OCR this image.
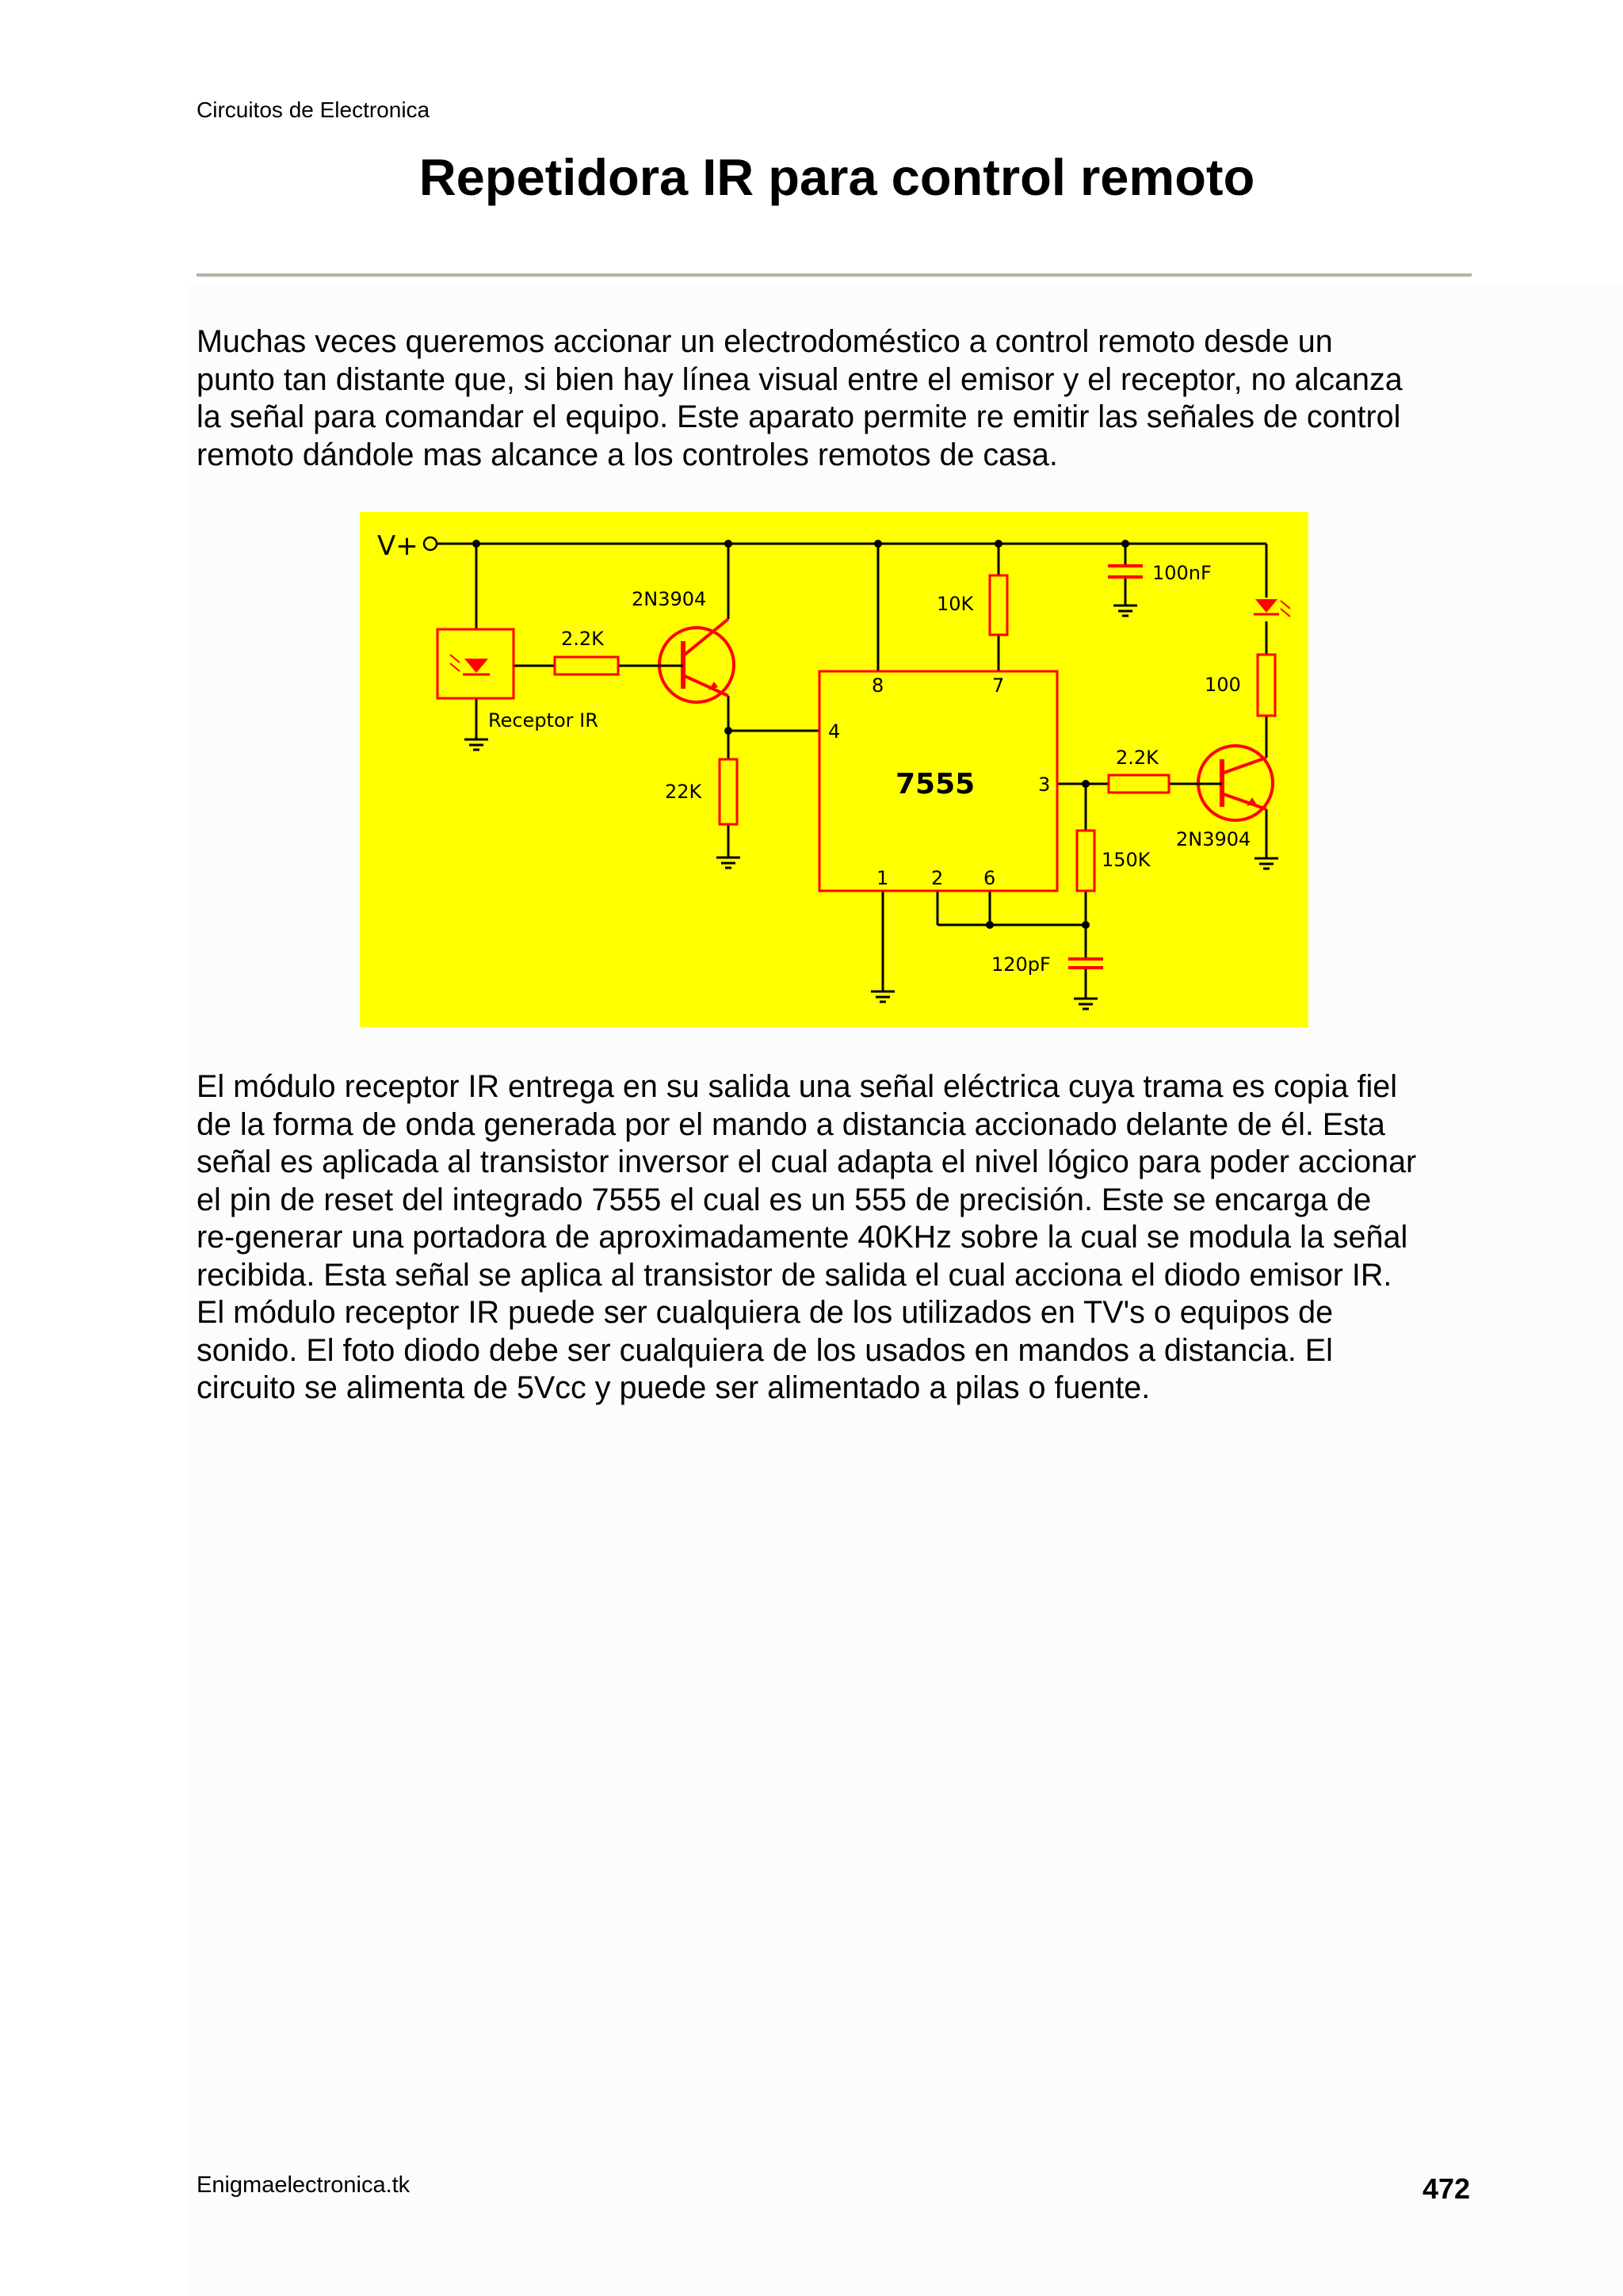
Circuitos de Electronica
Repetidora IR para control remoto
Muchas veces queremos accionar un electrodoméstico a control remoto desde un
punto tan distante que, si bien hay línea visual entre el emisor y el receptor, no alcanza
la señal para comandar el equipo. Este aparato permite re emitir las señales de control
remoto dándole mas alcance a los controles remotos de casa.
V+
Receptor IR
2.2K
2N3904
22K	7555
8	7
4
3
1 2 6
10K
100nF
2.2K
150K
120pF
2N3904
100
El módulo receptor IR entrega en su salida una señal eléctrica cuya trama es copia fiel
de la forma de onda generada por el mando a distancia accionado delante de él. Esta
señal es aplicada al transistor inversor el cual adapta el nivel lógico para poder accionar
el pin de reset del integrado 7555 el cual es un 555 de precisión. Este se encarga de
re-generar una portadora de aproximadamente 40KHz sobre la cual se modula la señal
recibida. Esta señal se aplica al transistor de salida el cual acciona el diodo emisor IR.
El módulo receptor IR puede ser cualquiera de los utilizados en TV's o equipos de
sonido. El foto diodo debe ser cualquiera de los usados en mandos a distancia. El
circuito se alimenta de 5Vcc y puede ser alimentado a pilas o fuente.
Enigmaelectronica.tk	472
